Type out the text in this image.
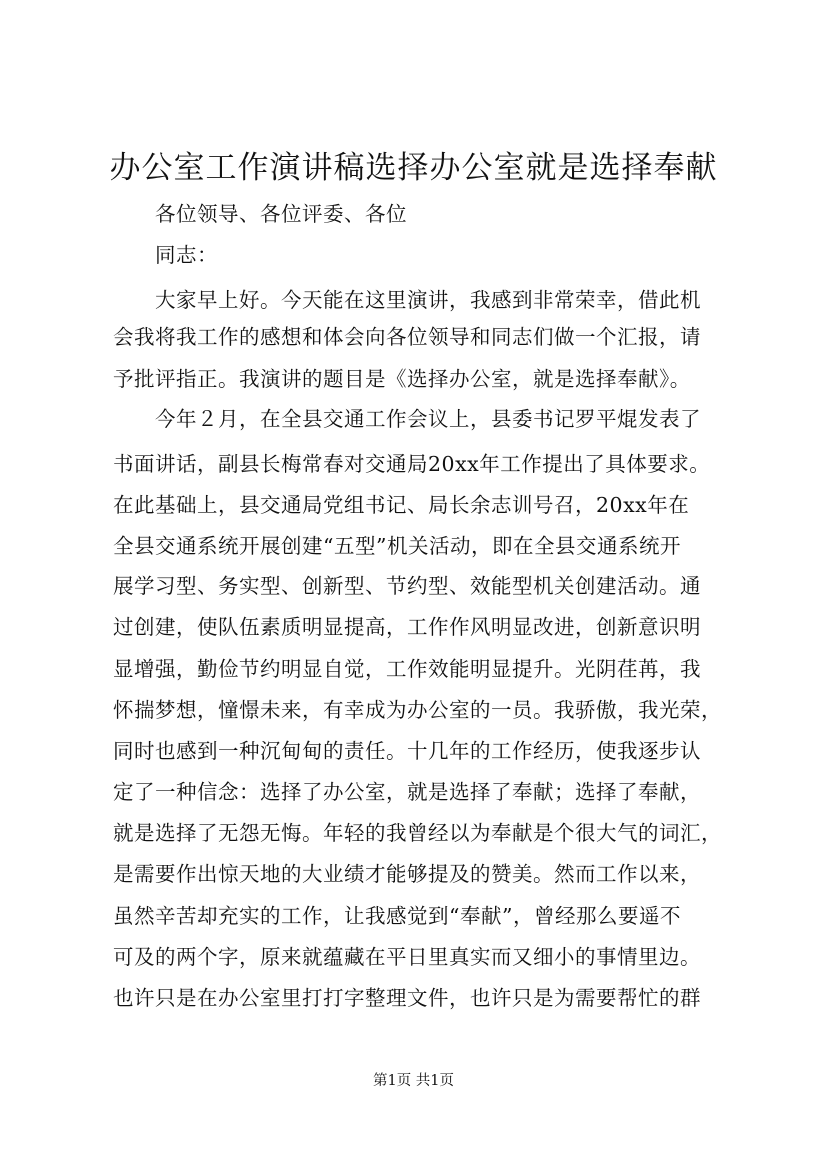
办公室工作演讲稿选择办公室就是选择奉献
各位领导、各位评委、各位
同志：
大家早上好。今天能在这里演讲，我感到非常荣幸，借此机
会我将我工作的感想和体会向各位领导和同志们做一个汇报，请
予批评指正。我演讲的题目是《选择办公室，就是选择奉献》。
今年２月，在全县交通工作会议上，县委书记罗平焜发表了
书面讲话，副县长梅常春对交通局20xx年工作提出了具体要求。
在此基础上，县交通局党组书记、局长余志训号召，20xx年在
全县交通系统开展创建“五型”机关活动，即在全县交通系统开
展学习型、务实型、创新型、节约型、效能型机关创建活动。通
过创建，使队伍素质明显提高，工作作风明显改进，创新意识明
显增强，勤俭节约明显自觉，工作效能明显提升。光阴荏苒，我
怀揣梦想，憧憬未来，有幸成为办公室的一员。我骄傲，我光荣，
同时也感到一种沉甸甸的责任。十几年的工作经历，使我逐步认
定了一种信念：选择了办公室，就是选择了奉献；选择了奉献，
就是选择了无怨无悔。年轻的我曾经以为奉献是个很大气的词汇，
是需要作出惊天地的大业绩才能够提及的赞美。然而工作以来，
虽然辛苦却充实的工作，让我感觉到“奉献”，曾经那么要遥不
可及的两个字，原来就蕴藏在平日里真实而又细小的事情里边。
也许只是在办公室里打打字整理文件，也许只是为需要帮忙的群
第1页 共1页
